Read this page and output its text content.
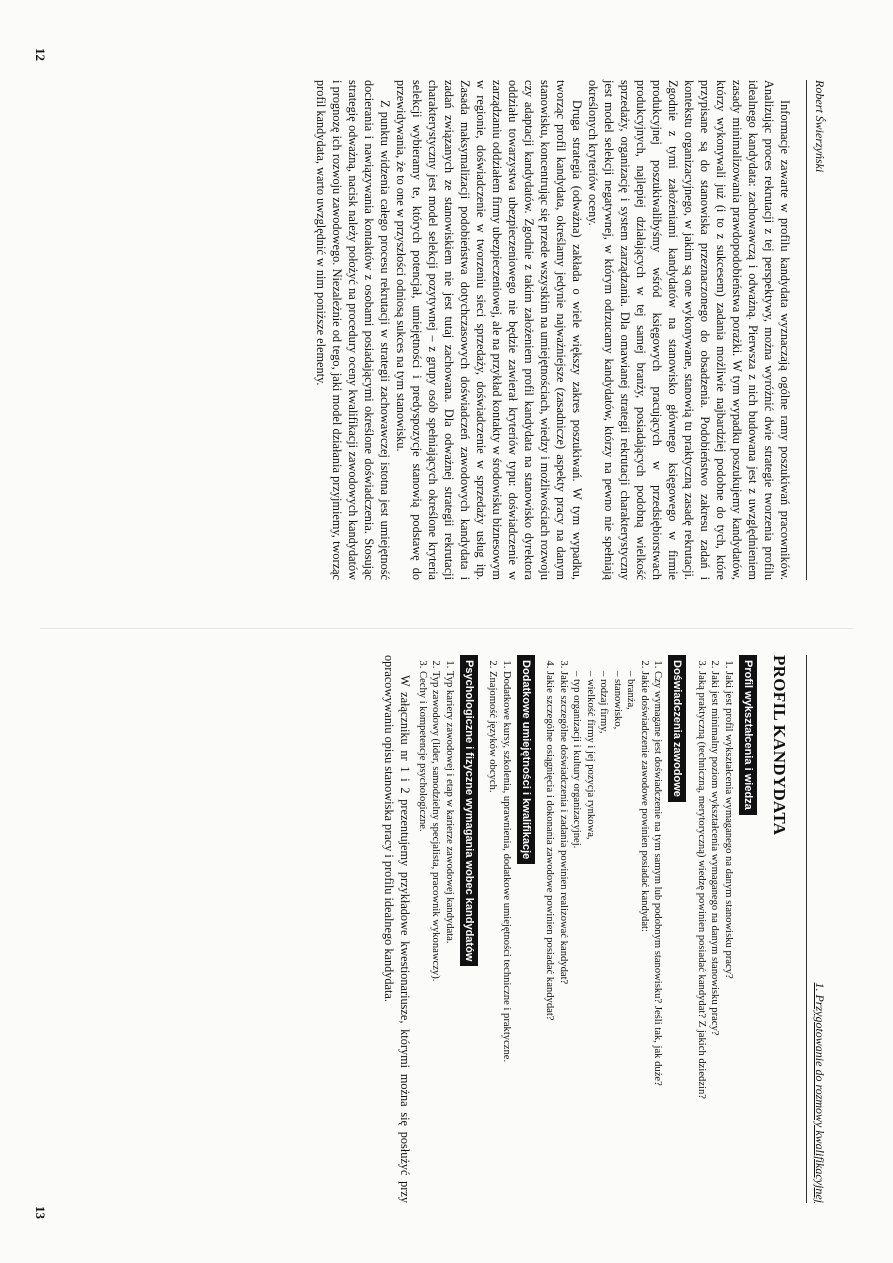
Robert Świerzyński

Informacje zawarte w profilu kandydata wyznaczają ogólne ramy poszukiwań pracowników. Analizując proces rekrutacji z tej perspektywy, można wyróżnić dwie strategie tworzenia profilu idealnego kandydata: zachowawczą i odważną. Pierwsza z nich budowana jest z uwzględnieniem zasady minimalizowania prawdopodobieństwa porażki. W tym wypadku poszukujemy kandydatów, którzy wykonywali już (i to z sukcesem) zadania możliwie najbardziej podobne do tych, które przypisane są do stanowiska przeznaczonego do obsadzenia. Podobieństwo zakresu zadań i kontekstu organizacyjnego, w jakim są one wykonywane, stanowią tu praktyczną zasadę rekrutacji. Zgodnie z tymi założeniami kandydatów na stanowisko głównego księgowego w firmie produkcyjnej poszukiwalibyśmy wśród księgowych pracujących w przedsiębiorstwach produkcyjnych, najlepiej działających w tej samej branży, posiadających podobną wielkość sprzedaży, organizację i system zarządzania. Dla omawianej strategii rekrutacji charakterystyczny jest model selekcji negatywnej, w którym odrzucamy kandydatów, którzy na pewno nie spełniają określonych kryteriów oceny.

Druga strategia (odważna) zakłada o wiele większy zakres poszukiwań. W tym wypadku, tworząc profil kandydata, określamy jedynie najważniejsze (zasadnicze) aspekty pracy na danym stanowisku, koncentrując się przede wszystkim na umiejętnościach, wiedzy i możliwościach rozwoju czy adaptacji kandydatów. Zgodnie z takim założeniem profil kandydata na stanowisko dyrektora oddziału towarzystwa ubezpieczeniowego nie będzie zawierał kryteriów typu: doświadczenie w zarządzaniu oddziałem firmy ubezpieczeniowej, ale na przykład kontakty w środowisku biznesowym w regionie, doświadczenie w tworzeniu sieci sprzedaży, doświadczenie w sprzedaży usług itp. Zasada maksymalizacji podobieństwa dotychczasowych doświadczeń zawodowych kandydata i zadań związanych ze stanowiskiem nie jest tutaj zachowana. Dla odważnej strategii rekrutacji charakterystyczny jest model selekcji pozytywnej – z grupy osób spełniających określone kryteria selekcji wybieramy te, których potencjał, umiejętności i predyspozycje stanowią podstawę do przewidywania, że to one w przyszłości odniosą sukces na tym stanowisku.

Z punktu widzenia całego procesu rekrutacji w strategii zachowawczej istotna jest umiejętność docierania i nawiązywania kontaktów z osobami posiadającymi określone doświadczenia. Stosując strategię odważną, nacisk należy położyć na procedury oceny kwalifikacji zawodowych kandydatów i prognozę ich rozwoju zawodowego. Niezależnie od tego, jaki model działania przyjmiemy, tworząc profil kandydata, warto uwzględnić w nim poniższe elementy.

12
1. Przygotowanie do rozmowy kwalifikacyjnej
PROFIL KANDYDATA
Profil wykształcenia i wiedza
1. Jaki jest profil wykształcenia wymaganego na danym stanowisku pracy?
2. Jaki jest minimalny poziom wykształcenia wymaganego na danym stanowisku pracy?
3. Jaką praktyczną (techniczną, merytoryczną) wiedzę powinien posiadać kandydat? Z jakich dziedzin?
Doświadczenia zawodowe
1. Czy wymagane jest doświadczenie na tym samym lub podobnym stanowisku? Jeśli tak, jak duże?
2. Jakie doświadczenie zawodowe powinien posiadać kandydat:
– branża,
– stanowisko,
– rodzaj firmy,
– wielkość firmy i jej pozycja rynkowa,
– typ organizacji i kultury organizacyjnej.
3. Jakie szczególne doświadczenia i zadania powinien realizować kandydat?
4. Jakie szczególne osiągnięcia i dokonania zawodowe powinien posiadać kandydat?
Dodatkowe umiejętności i kwalifikacje
1. Dodatkowe kursy, szkolenia, uprawnienia, dodatkowe umiejętności techniczne i praktyczne.
2. Znajomość języków obcych.
Psychologiczne i fizyczne wymagania wobec kandydatów
1. Typ kariery zawodowej i etap w karierze zawodowej kandydata.
2. Typ zawodowy (lider, samodzielny specjalista, pracownik wykonawczy).
3. Cechy i kompetencje psychologiczne.

W załączniku nr 1 i 2 prezentujemy przykładowe kwestionariusze, którymi można się posłużyć przy opracowywaniu opisu stanowiska pracy i profilu idealnego kandydata.

13
